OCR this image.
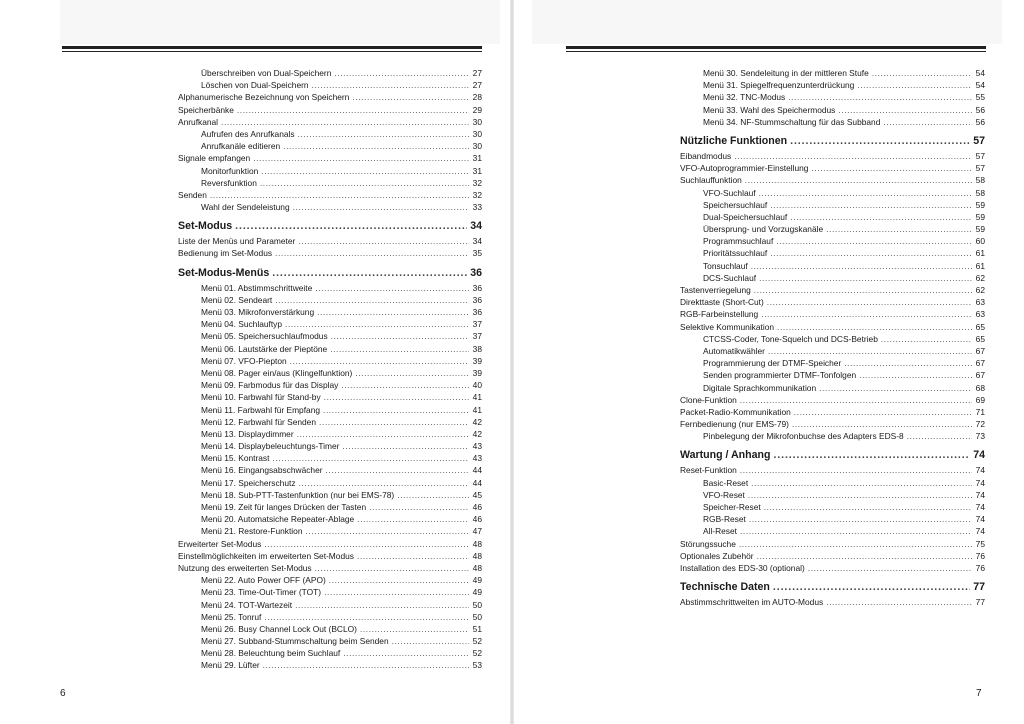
Überschreiben von Dual-Speichern .....	27
Löschen von Dual-Speichern .....	27
Alphanumerische Bezeichnung von Speichern .....	28
Speicherbänke .....	29
Anrufkanal .....	30
Aufrufen des Anrufkanals .....	30
Anrufkanäle editieren .....	30
Signale empfangen .....	31
Monitorfunktion .....	31
Reversfunktion .....	32
Senden .....	32
Wahl der Sendeleistung .....	33
Set-Modus .....	34
Liste der Menüs und Parameter .....	34
Bedienung im Set-Modus .....	35
Set-Modus-Menüs .....	36
Menü 01. Abstimmschrittweite .....	36
Menü 02. Sendeart .....	36
Menü 03. Mikrofonverstärkung .....	36
Menü 04. Suchlauftyp .....	37
Menü 05. Speichersuchlaufmodus .....	37
Menü 06. Lautstärke der Pieptöne .....	38
Menü 07. VFO-Piepton .....	39
Menü 08. Pager ein/aus (Klingelfunktion) .....	39
Menü 09. Farbmodus für das Display .....	40
Menü 10. Farbwahl für Stand-by .....	41
Menü 11. Farbwahl für Empfang .....	41
Menü 12. Farbwahl für Senden .....	42
Menü 13. Displaydimmer .....	42
Menü 14. Displaybeleuchtungs-Timer .....	43
Menü 15. Kontrast .....	43
Menü 16. Eingangsabschwächer .....	44
Menü 17. Speicherschutz .....	44
Menü 18. Sub-PTT-Tastenfunktion (nur bei EMS-78) .....	45
Menü 19. Zeit für langes Drücken der Tasten .....	46
Menü 20. Automatsiche Repeater-Ablage .....	46
Menü 21. Restore-Funktion .....	47
Erweiterter Set-Modus .....	48
Einstellmöglichkeiten im erweiterten Set-Modus .....	48
Nutzung des erweiterten Set-Modus .....	48
Menü 22. Auto Power OFF (APO) .....	49
Menü 23. Time-Out-Timer (TOT) .....	49
Menü 24. TOT-Wartezeit .....	50
Menü 25. Tonruf .....	50
Menü 26. Busy Channel Lock Out (BCLO) .....	51
Menü 27. Subband-Stummschaltung beim Senden .....	52
Menü 28. Beleuchtung beim Suchlauf .....	52
Menü 29. Lüfter .....	53
6
Menü 30. Sendeleitung in der mittleren Stufe .....	54
Menü 31. Spiegelfrequenzunterdrückung .....	54
Menü 32. TNC-Modus .....	55
Menü 33. Wahl des Speichermodus .....	56
Menü 34. NF-Stummschaltung für das Subband .....	56
Nützliche Funktionen .....	57
Eibandmodus .....	57
VFO-Autoprogrammier-Einstellung .....	57
Suchlauffunktion .....	58
VFO-Suchlauf .....	58
Speichersuchlauf .....	59
Dual-Speichersuchlauf .....	59
Übersprung- und Vorzugskanäle .....	59
Programmsuchlauf .....	60
Prioritätssuchlauf .....	61
Tonsuchlauf .....	61
DCS-Suchlauf .....	62
Tastenverriegelung .....	62
Direkttaste (Short-Cut) .....	63
RGB-Farbeinstellung .....	63
Selektive Kommunikation .....	65
CTCSS-Coder, Tone-Squelch und DCS-Betrieb .....	65
Automatikwähler .....	67
Programmierung der DTMF-Speicher .....	67
Senden programmierter DTMF-Tonfolgen .....	67
Digitale Sprachkommunikation .....	68
Clone-Funktion .....	69
Packet-Radio-Kommunikation .....	71
Fernbedienung (nur EMS-79) .....	72
Pinbelegung der Mikrofonbuchse des Adapters EDS-8 .....	73
Wartung / Anhang .....	74
Reset-Funktion .....	74
Basic-Reset .....	74
VFO-Reset .....	74
Speicher-Reset .....	74
RGB-Reset .....	74
All-Reset .....	74
Störungssuche .....	75
Optionales Zubehör .....	76
Installation des EDS-30 (optional) .....	76
Technische Daten .....	77
Abstimmschrittweiten im AUTO-Modus .....	77
7
